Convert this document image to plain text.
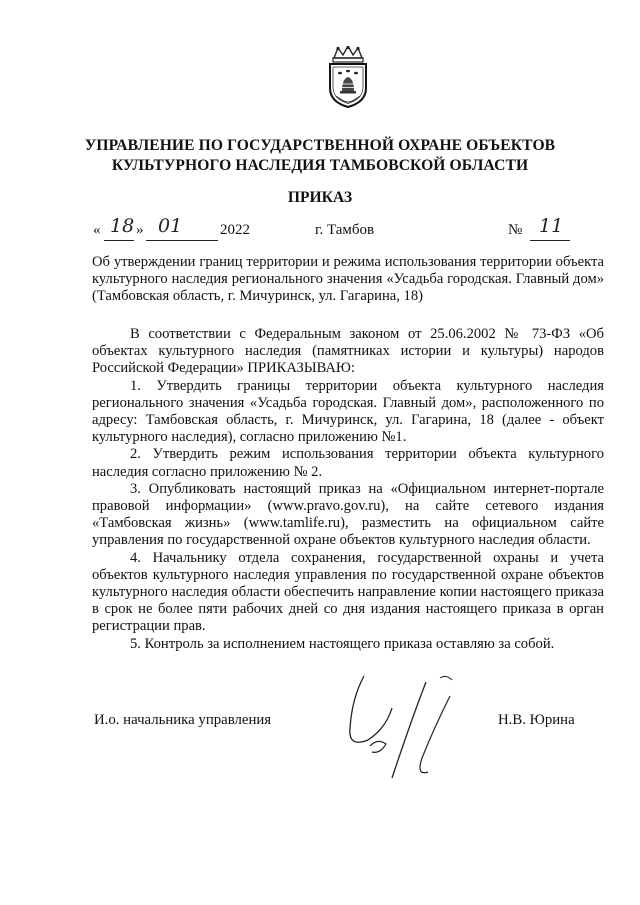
УПРАВЛЕНИЕ ПО ГОСУДАРСТВЕННОЙ ОХРАНЕ ОБЪЕКТОВ
КУЛЬТУРНОГО НАСЛЕДИЯ ТАМБОВСКОЙ ОБЛАСТИ
ПРИКАЗ
« 18 » 01	2022	г. Тамбов	№ 11

Об утверждении границ территории и режима использования территории объекта культурного наследия регионального значения «Усадьба городская. Главный дом» (Тамбовская область, г. Мичуринск, ул. Гагарина, 18)

В соответствии с Федеральным законом от 25.06.2002 № 73-ФЗ «Об объектах культурного наследия (памятниках истории и культуры) народов Российской Федерации» ПРИКАЗЫВАЮ:

1. Утвердить границы территории объекта культурного наследия регионального значения «Усадьба городская. Главный дом», расположенного по адресу: Тамбовская область, г. Мичуринск, ул. Гагарина, 18 (далее - объект культурного наследия), согласно приложению №1.

2. Утвердить режим использования территории объекта культурного наследия согласно приложению № 2.

3. Опубликовать настоящий приказ на «Официальном интернет-портале правовой информации» (www.pravo.gov.ru), на сайте сетевого издания «Тамбовская жизнь» (www.tamlife.ru), разместить на официальном сайте управления по государственной охране объектов культурного наследия области.

4. Начальнику отдела сохранения, государственной охраны и учета объектов культурного наследия управления по государственной охране объектов культурного наследия области обеспечить направление копии настоящего приказа в срок не более пяти рабочих дней со дня издания настоящего приказа в орган регистрации прав.

5. Контроль за исполнением настоящего приказа оставляю за собой.

И.о. начальника управления	Н.В. Юрина
